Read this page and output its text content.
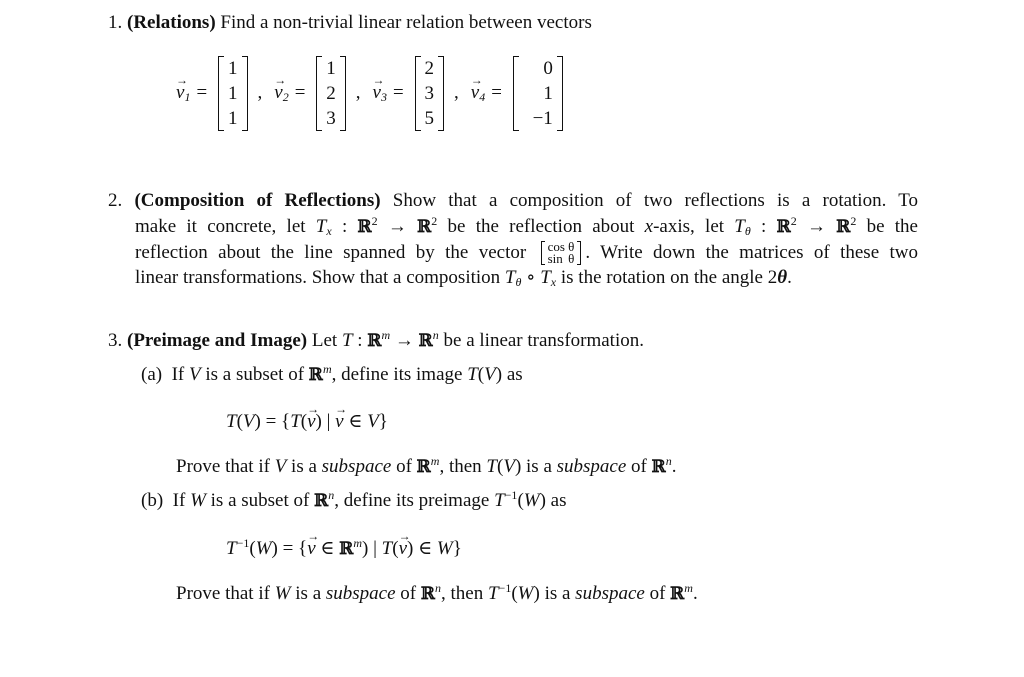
1. (Relations) Find a non-trivial linear relation between vectors
→ $v_1$ =
1
1
1
, → $v_2$ =
1
2
3
, → $v_3$ =
2
3
5
, → $v_4$ =
0
1
−1
2. (Composition of Reflections) Show that a composition of two reflections is a rotation. To
make it concrete, let $T_x$ : ℝ$^2$ → ℝ$^2$ be the reflection about x-axis, let $T_\theta$ : ℝ$^2$ → ℝ$^2$ be the
reflection about the line spanned by the vector cos θ
sin θ . Write down the matrices of these two
linear transformations. Show that a composition $T_\theta$ ∘ $T_x$ is the rotation on the angle 2θ.
3. (Preimage and Image) Let T : ℝ$^m$ → ℝ$^n$ be a linear transformation.
(a) If V is a subset of ℝ$^m$, define its image T(V) as
T(V) = {T(→ v) | → v ∈ V}
Prove that if V is a subspace of ℝ$^m$, then T(V) is a subspace of ℝ$^n$.
(b) If W is a subset of ℝ$^n$, define its preimage $T^{-1}(W)$ as
$T^{-1}(W)$ = {→ v ∈ ℝ$^m$) | T(→ v) ∈ W}
Prove that if W is a subspace of ℝ$^n$, then $T^{-1}(W)$ is a subspace of ℝ$^m$.
